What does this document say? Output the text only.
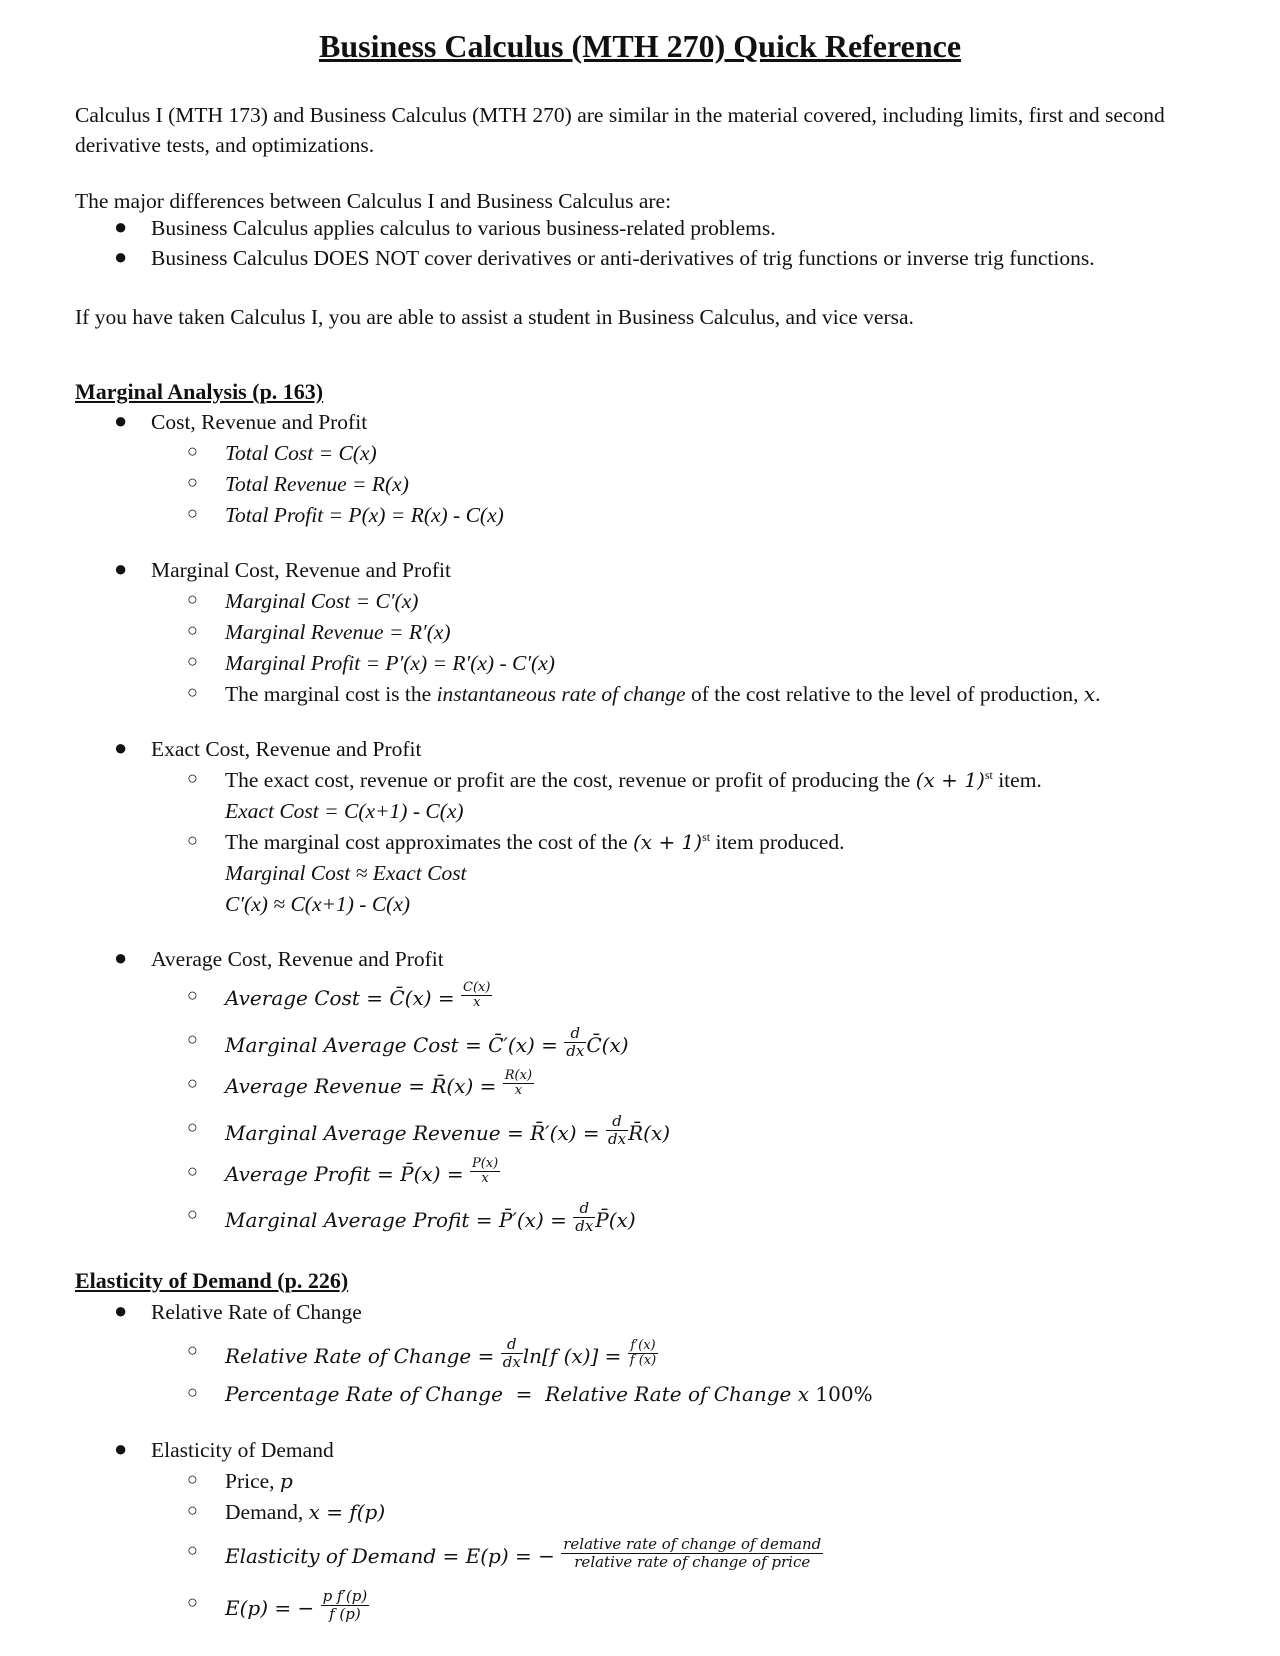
Business Calculus (MTH 270) Quick Reference
Calculus I (MTH 173) and Business Calculus (MTH 270) are similar in the material covered, including limits, first and second derivative tests, and optimizations.
The major differences between Calculus I and Business Calculus are:
● Business Calculus applies calculus to various business-related problems.
● Business Calculus DOES NOT cover derivatives or anti-derivatives of trig functions or inverse trig functions.
If you have taken Calculus I, you are able to assist a student in Business Calculus, and vice versa.
Marginal Analysis (p. 163)
● Cost, Revenue and Profit
○ Total Cost = C(x)
○ Total Revenue = R(x)
○ Total Profit = P(x) = R(x) - C(x)
● Marginal Cost, Revenue and Profit
○ Marginal Cost = C′(x)
○ Marginal Revenue = R′(x)
○ Marginal Profit = P′(x) = R′(x) - C′(x)
○ The marginal cost is the instantaneous rate of change of the cost relative to the level of production, x.
● Exact Cost, Revenue and Profit
○ The exact cost, revenue or profit are the cost, revenue or profit of producing the $(x + 1)^{st}$ item.
Exact Cost = C(x+1) - C(x)
○ The marginal cost approximates the cost of the $(x + 1)^{st}$ item produced.
Marginal Cost ≈ Exact Cost
C′(x) ≈ C(x+1) - C(x)
● Average Cost, Revenue and Profit
○ Average Cost = C̄(x) = $\frac{C(x)}{x}$
○ Marginal Average Cost = C̄′(x) = $\frac{d}{dx}$ C̄(x)
○ Average Revenue = R̄(x) = $\frac{R(x)}{x}$
○ Marginal Average Revenue = R̄′(x) = $\frac{d}{dx}$ R̄(x)
○ Average Profit = P̄(x) = $\frac{P(x)}{x}$
○ Marginal Average Profit = P̄′(x) = $\frac{d}{dx}$ P̄(x)
Elasticity of Demand (p. 226)
● Relative Rate of Change
○ Relative Rate of Change = $\frac{d}{dx} \ln[f$ $(x)] = \frac{f'(x)}{f (x)}$
○ Percentage Rate of Change = Relative Rate of Change x 100%
● Elasticity of Demand
○ Price, p
○ Demand, x = f(p)
○ Elasticity of Demand = E(p) = − $\frac{\text{relative rate of change of demand}}{\text{relative rate of change of price}}$
○ E(p) = − $\frac{\text{p f′(p)}}{f (p)}$
